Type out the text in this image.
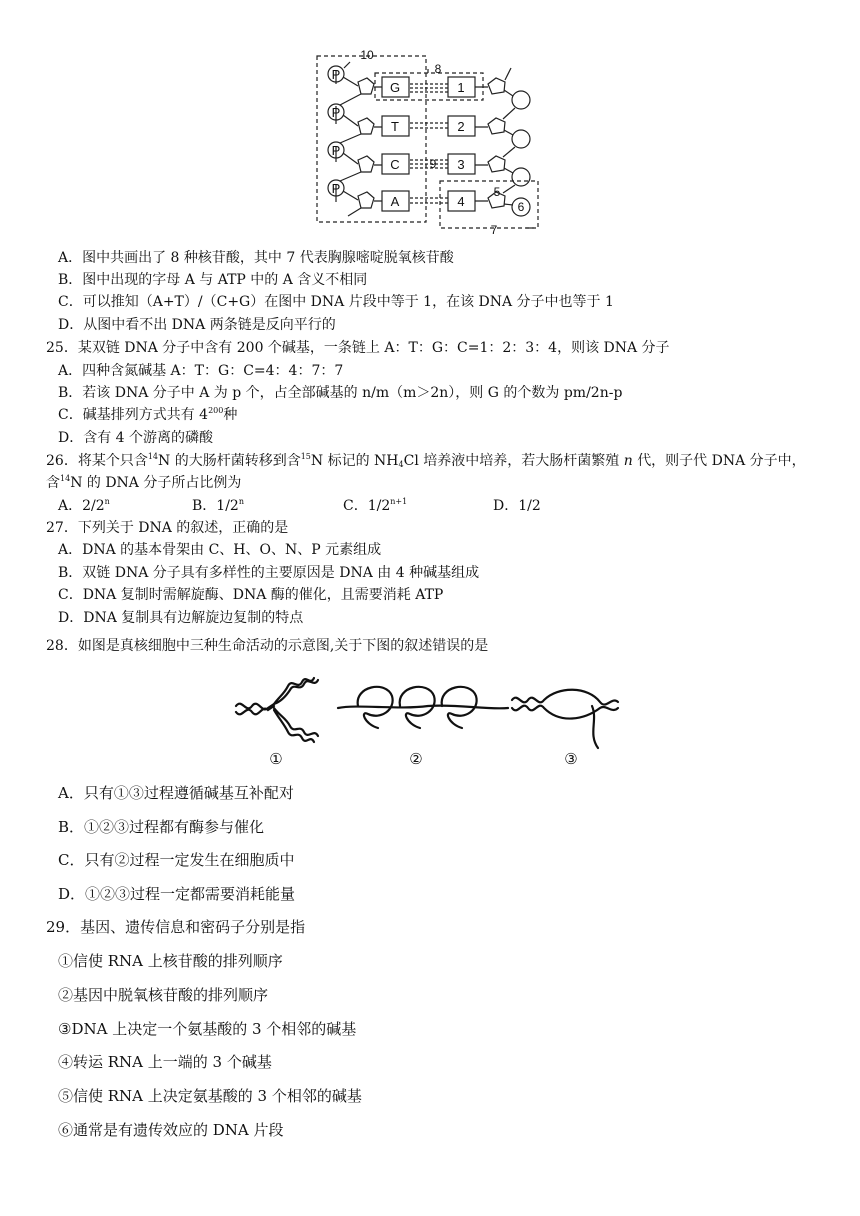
P
P
P
P
G
T
C
A
1
2
3
4
10
8
9
5
6
7
A．图中共画出了 8 种核苷酸，其中 7 代表胸腺嘧啶脱氧核苷酸
B．图中出现的字母 A 与 ATP 中的 A 含义不相同
C．可以推知（A+T）/（C+G）在图中 DNA 片段中等于 1，在该 DNA 分子中也等于 1
D．从图中看不出 DNA 两条链是反向平行的
25．某双链 DNA 分子中含有 200 个碱基，一条链上 A：T：G：C=1：2：3：4，则该 DNA 分子
A．四种含氮碱基 A：T：G：C=4：4：7：7
B．若该 DNA 分子中 A 为 p 个，占全部碱基的 n/m（m＞2n），则 G 的个数为 pm/2n-p
C．碱基排列方式共有 $4^{200}$种
D．含有 4 个游离的磷酸
26．将某个只含$^{14}$N 的大肠杆菌转移到含$^{15}$N 标记的 $NH_4Cl$ 培养液中培养，若大肠杆菌繁殖 n 代，则子代 DNA 分子中，
含$^{14}$N 的 DNA 分子所占比例为
A．2/2$^n$	B．1/2$^n$	C．$1/2^{n+1}$	D．1/2
27．下列关于 DNA 的叙述，正确的是
A．DNA 的基本骨架由 C、H、O、N、P 元素组成
B．双链 DNA 分子具有多样性的主要原因是 DNA 由 4 种碱基组成
C．DNA 复制时需解旋酶、DNA 酶的催化，且需要消耗 ATP
D．DNA 复制具有边解旋边复制的特点
28．如图是真核细胞中三种生命活动的示意图,关于下图的叙述错误的是
①	②	③
A．只有①③过程遵循碱基互补配对
B．①②③过程都有酶参与催化
C．只有②过程一定发生在细胞质中
D．①②③过程一定都需要消耗能量
29．基因、遗传信息和密码子分别是指
①信使 RNA 上核苷酸的排列顺序
②基因中脱氧核苷酸的排列顺序
③DNA 上决定一个氨基酸的 3 个相邻的碱基
④转运 RNA 上一端的 3 个碱基
⑤信使 RNA 上决定氨基酸的 3 个相邻的碱基
⑥通常是有遗传效应的 DNA 片段
